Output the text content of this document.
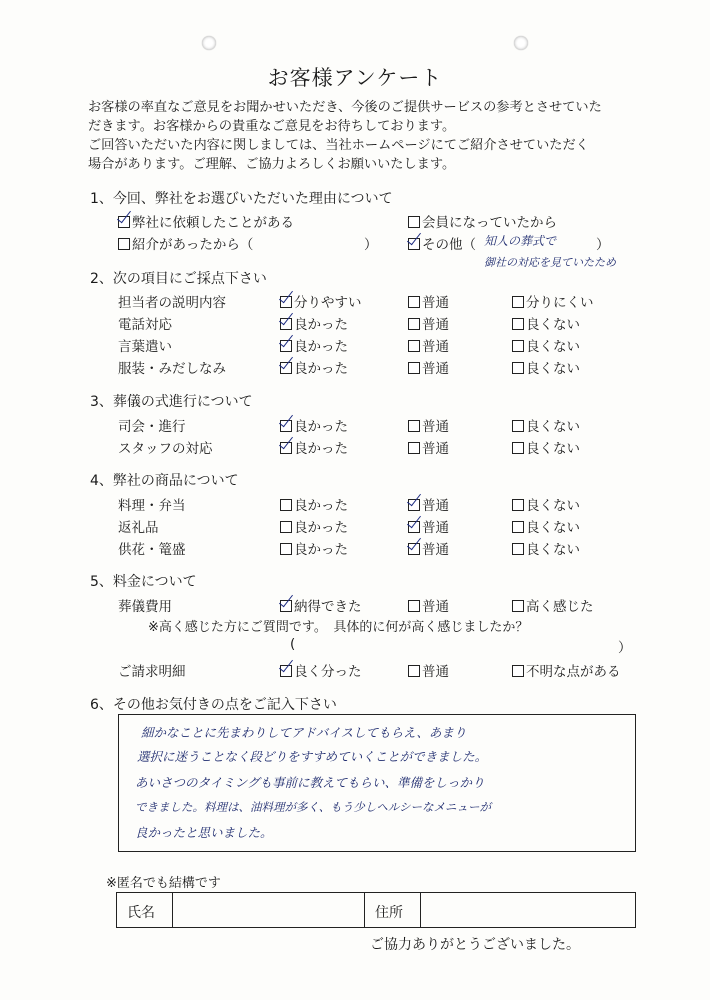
お客様アンケート
お客様の率直なご意見をお聞かせいただき、今後のご提供サービスの参考とさせていた
だきます。お客様からの貴重なご意見をお待ちしております。
ご回答いただいた内容に関しましては、当社ホームページにてご紹介させていただく
場合があります。ご理解、ご協力よろしくお願いいたします。
1、今回、弊社をお選びいただいた理由について
弊社に依頼したことがある	会員になっていたから
紹介があったから（	）	その他（ 知人の葬式で	）
御社の対応を見ていたため
2、次の項目にご採点下さい
担当者の説明内容	分りやすい	普通	分りにくい
電話対応	良かった	普通	良くない
言葉遣い	良かった	普通	良くない
服装・みだしなみ	良かった	普通	良くない
3、葬儀の式進行について
司会・進行	良かった	普通	良くない
スタッフの対応	良かった	普通	良くない
4、弊社の商品について
料理・弁当	良かった	普通	良くない
返礼品	良かった	普通	良くない
供花・篭盛	良かった	普通	良くない
5、料金について
葬儀費用	納得できた	普通	高く感じた
※高く感じた方にご質問です。　具体的に何が高く感じましたか？
(	）
ご請求明細	良く分った	普通	不明な点がある
6、その他お気付きの点をご記入下さい
細かなことに先まわりしてアドバイスしてもらえ、あまり
選択に迷うことなく段どりをすすめていくことができました。
あいさつのタイミングも事前に教えてもらい、準備をしっかり
できました。料理は、油料理が多く、もう少しヘルシーなメニューが
良かったと思いました。
※匿名でも結構です
氏名	住所
ご協力ありがとうございました。
